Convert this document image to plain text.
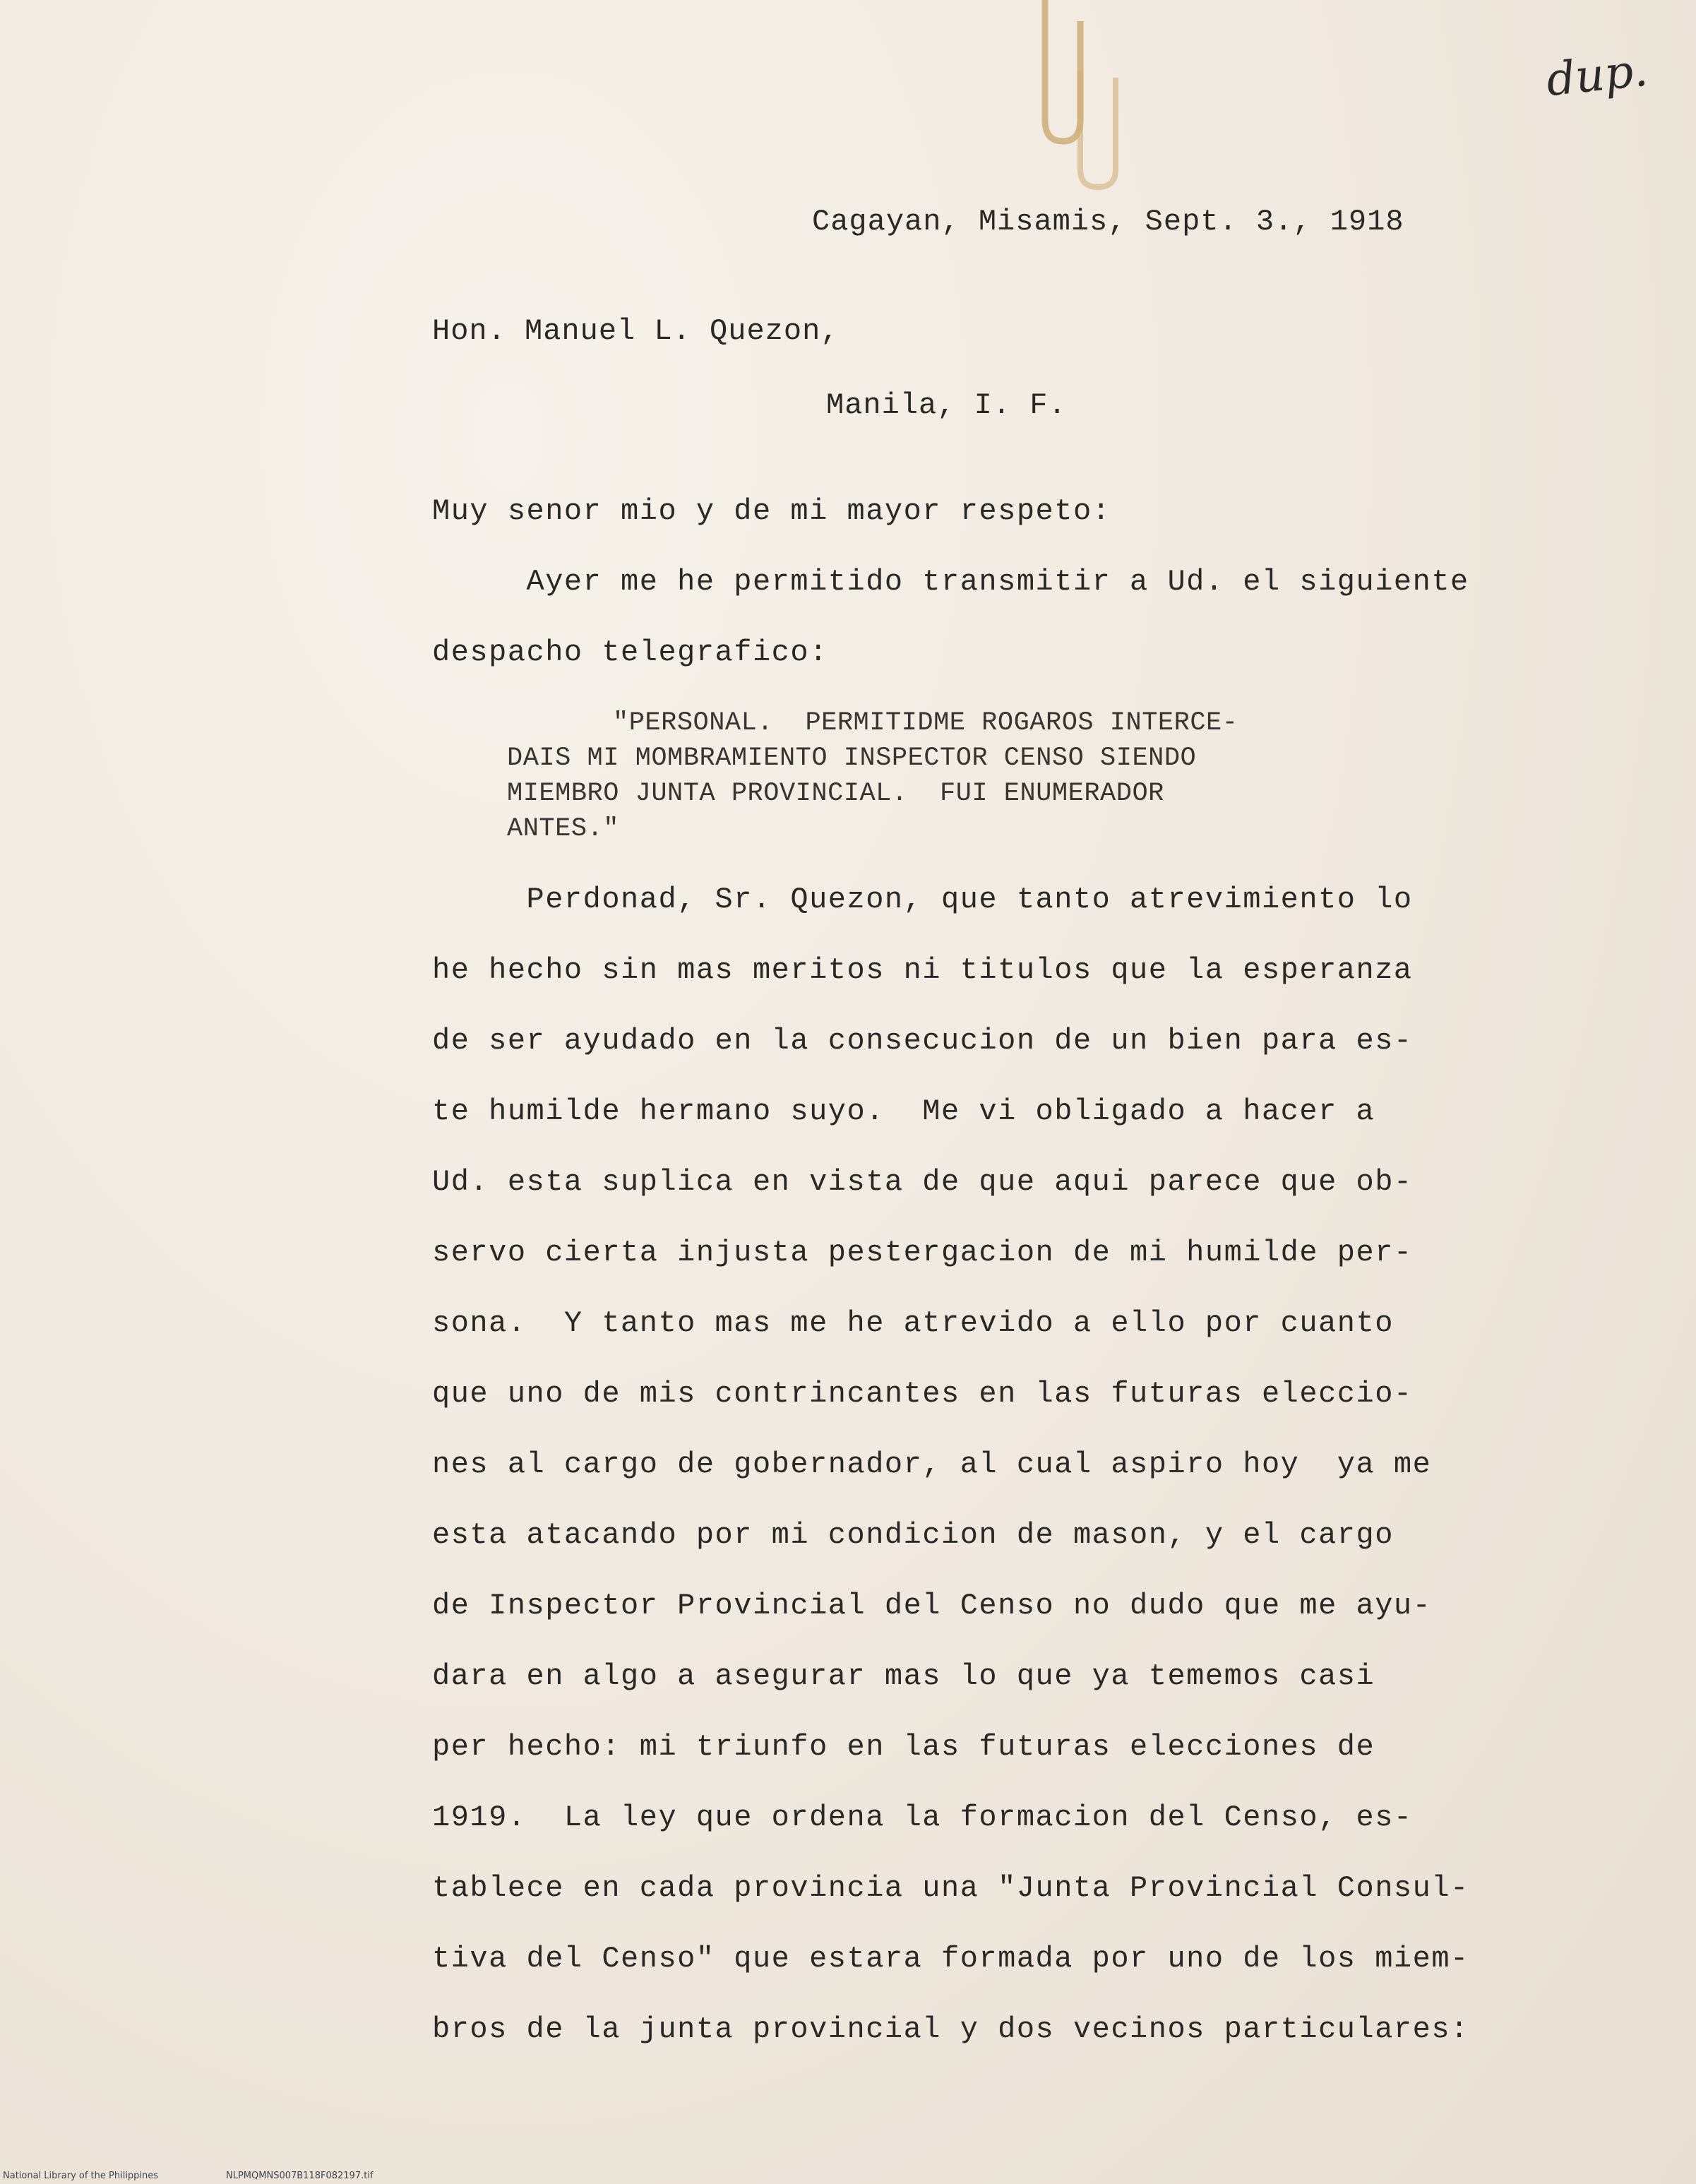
dup.
Cagayan, Misamis, Sept. 3., 1918
Hon. Manuel L. Quezon,
Manila, I. F.
Muy senor mio y de mi mayor respeto:
Ayer me he permitido transmitir a Ud. el siguiente
despacho telegrafico:
"PERSONAL.  PERMITIDME ROGAROS INTERCE-
DAIS MI MOMBRAMIENTO INSPECTOR CENSO SIENDO
MIEMBRO JUNTA PROVINCIAL.  FUI ENUMERADOR
ANTES."
Perdonad, Sr. Quezon, que tanto atrevimiento lo
he hecho sin mas meritos ni titulos que la esperanza
de ser ayudado en la consecucion de un bien para es-
te humilde hermano suyo.  Me vi obligado a hacer a
Ud. esta suplica en vista de que aqui parece que ob-
servo cierta injusta pestergacion de mi humilde per-
sona.  Y tanto mas me he atrevido a ello por cuanto
que uno de mis contrincantes en las futuras eleccio-
nes al cargo de gobernador, al cual aspiro hoy  ya me
esta atacando por mi condicion de mason, y el cargo
de Inspector Provincial del Censo no dudo que me ayu-
dara en algo a asegurar mas lo que ya tememos casi
per hecho: mi triunfo en las futuras elecciones de
1919.  La ley que ordena la formacion del Censo, es-
tablece en cada provincia una "Junta Provincial Consul-
tiva del Censo" que estara formada por uno de los miem-
bros de la junta provincial y dos vecinos particulares:
National Library of the Philippines	NLPMQMNS007B118F082197.tif
